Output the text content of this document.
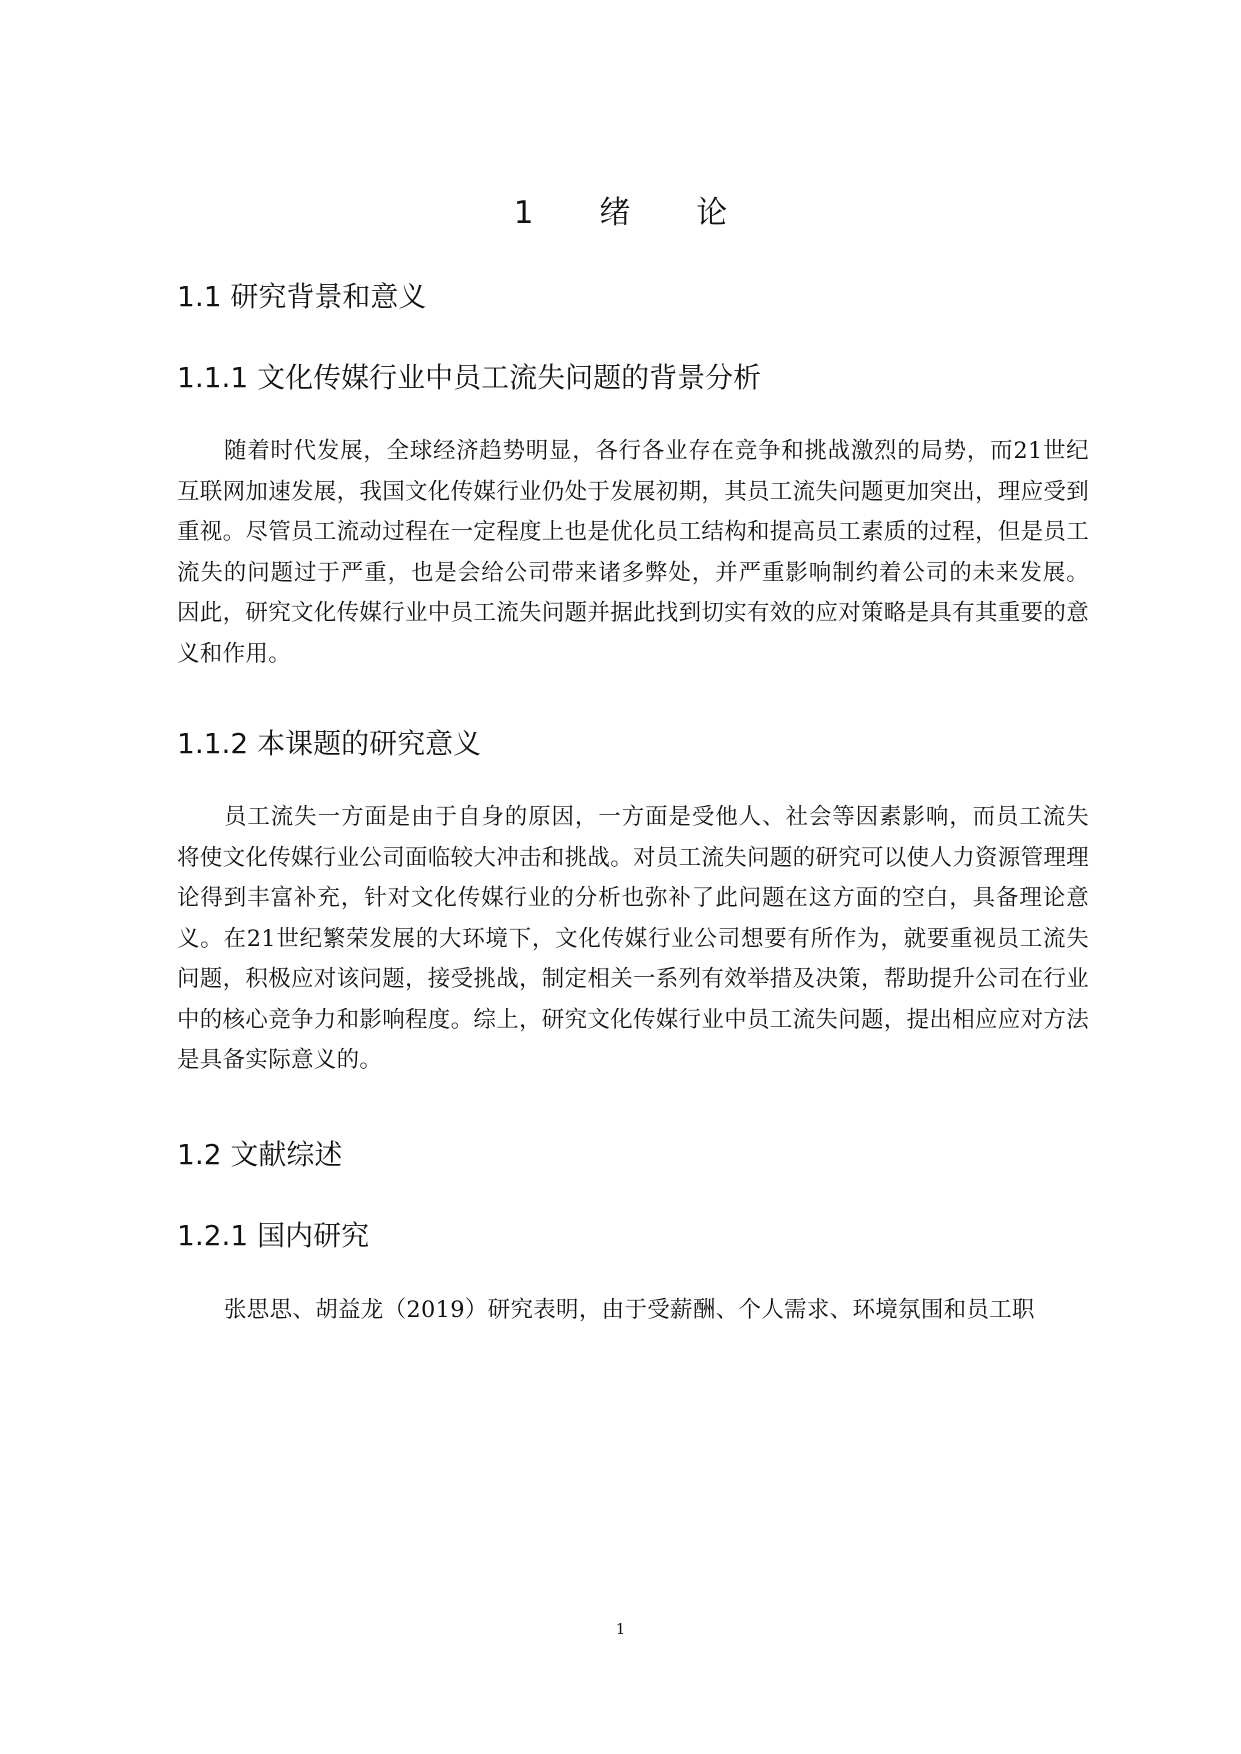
1 绪 论
1.1 研究背景和意义
1.1.1 文化传媒行业中员工流失问题的背景分析

随着时代发展，全球经济趋势明显，各行各业存在竞争和挑战激烈的局势，而21世纪互联网加速发展，我国文化传媒行业仍处于发展初期，其员工流失问题更加突出，理应受到重视。尽管员工流动过程在一定程度上也是优化员工结构和提高员工素质的过程，但是员工流失的问题过于严重，也是会给公司带来诸多弊处，并严重影响制约着公司的未来发展。 因此，研究文化传媒行业中员工流失问题并据此找到切实有效的应对策略是具有其重要的意义和作用。

1.1.2 本课题的研究意义

员工流失一方面是由于自身的原因，一方面是受他人、社会等因素影响，而员工流失将使文化传媒行业公司面临较大冲击和挑战。对员工流失问题的研究可以使人力资源管理理论得到丰富补充，针对文化传媒行业的分析也弥补了此问题在这方面的空白，具备理论意义。在21世纪繁荣发展的大环境下，文化传媒行业公司想要有所作为，就要重视员工流失问题，积极应对该问题，接受挑战，制定相关一系列有效举措及决策，帮助提升公司在行业中的核心竞争力和影响程度。综上，研究文化传媒行业中员工流失问题，提出相应应对方法是具备实际意义的。

1.2 文献综述
1.2.1 国内研究

张思思、胡益龙（2019）研究表明，由于受薪酬、个人需求、环境氛围和员工职

1
